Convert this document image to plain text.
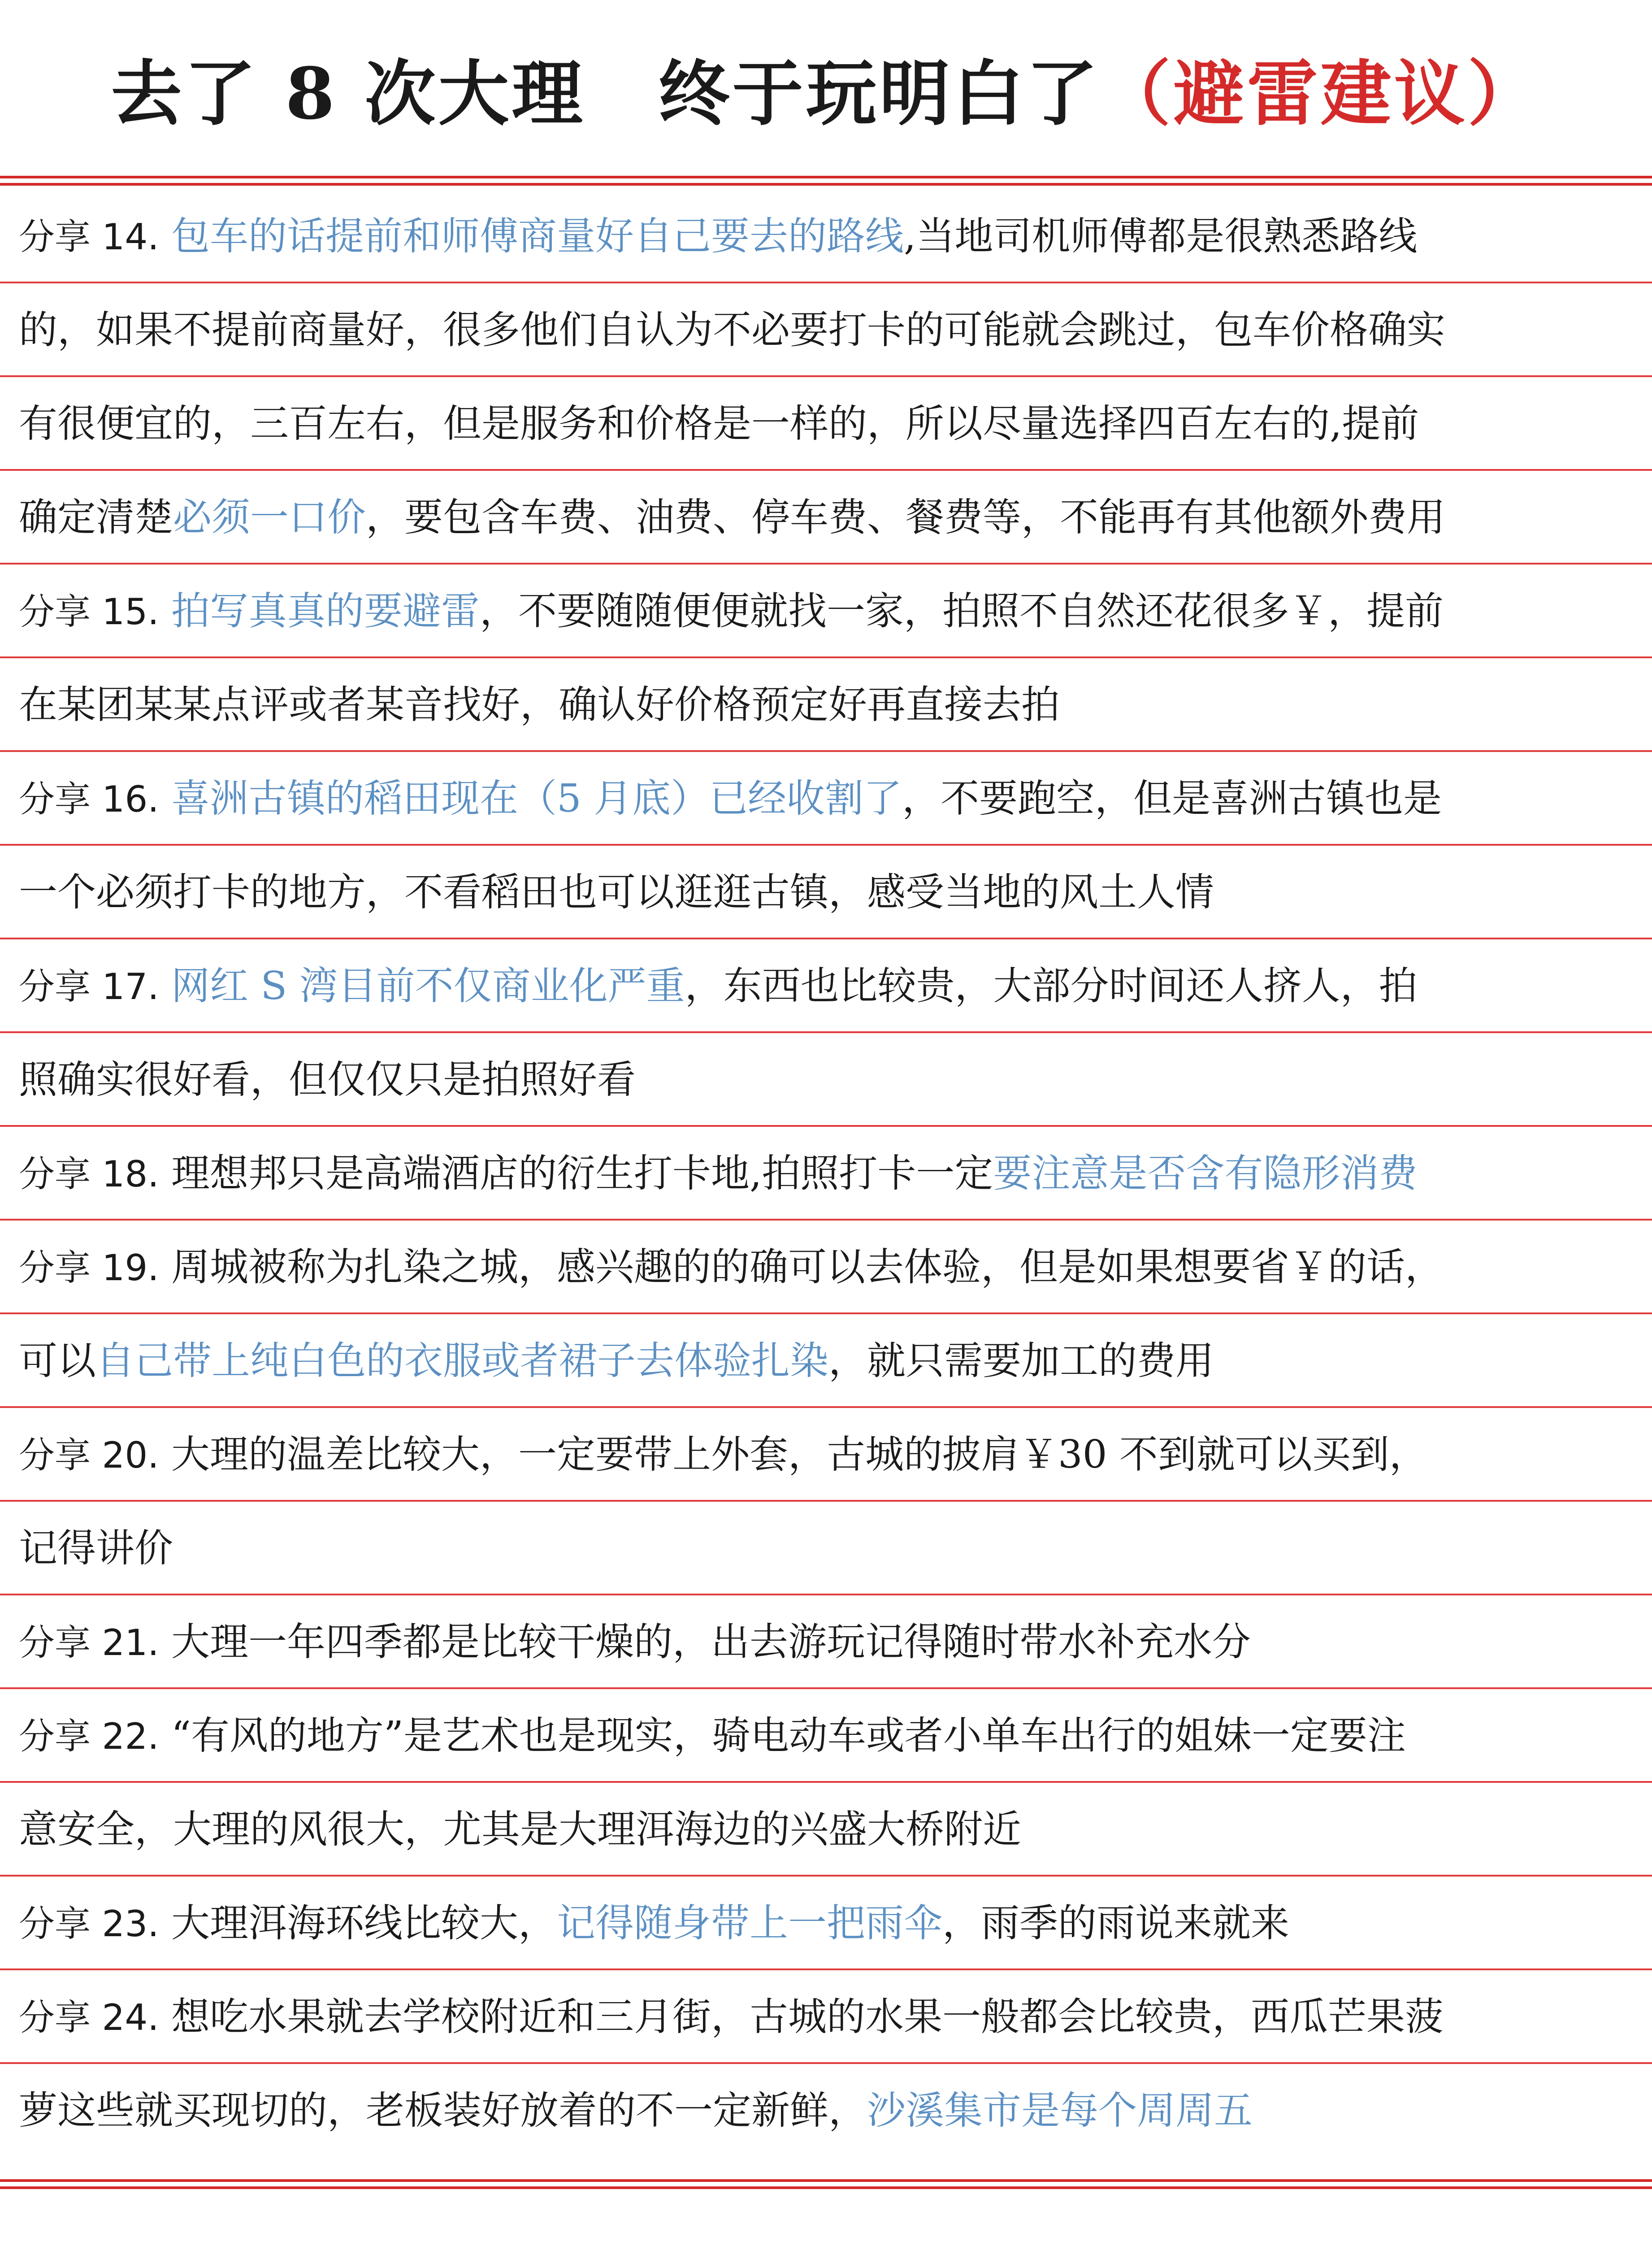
去了 8 次大理　终于玩明白了（避雷建议）
分享 14. 包车的话提前和师傅商量好自己要去的路线,当地司机师傅都是很熟悉路线
的，如果不提前商量好，很多他们自认为不必要打卡的可能就会跳过，包车价格确实
有很便宜的，三百左右，但是服务和价格是一样的，所以尽量选择四百左右的,提前
确定清楚必须一口价，要包含车费、油费、停车费、餐费等，不能再有其他额外费用
分享 15. 拍写真真的要避雷，不要随随便便就找一家，拍照不自然还花很多￥，提前
在某团某某点评或者某音找好，确认好价格预定好再直接去拍
分享 16. 喜洲古镇的稻田现在（5 月底）已经收割了，不要跑空，但是喜洲古镇也是
一个必须打卡的地方，不看稻田也可以逛逛古镇，感受当地的风土人情
分享 17. 网红 S 湾目前不仅商业化严重，东西也比较贵，大部分时间还人挤人，拍
照确实很好看，但仅仅只是拍照好看
分享 18. 理想邦只是高端酒店的衍生打卡地,拍照打卡一定要注意是否含有隐形消费
分享 19. 周城被称为扎染之城，感兴趣的的确可以去体验，但是如果想要省￥的话，
可以自己带上纯白色的衣服或者裙子去体验扎染，就只需要加工的费用
分享 20. 大理的温差比较大，一定要带上外套，古城的披肩￥30 不到就可以买到，
记得讲价
分享 21. 大理一年四季都是比较干燥的，出去游玩记得随时带水补充水分
分享 22. “有风的地方”是艺术也是现实，骑电动车或者小单车出行的姐妹一定要注
意安全，大理的风很大，尤其是大理洱海边的兴盛大桥附近
分享 23. 大理洱海环线比较大，记得随身带上一把雨伞，雨季的雨说来就来
分享 24. 想吃水果就去学校附近和三月街，古城的水果一般都会比较贵，西瓜芒果菠
萝这些就买现切的，老板装好放着的不一定新鲜，沙溪集市是每个周周五
